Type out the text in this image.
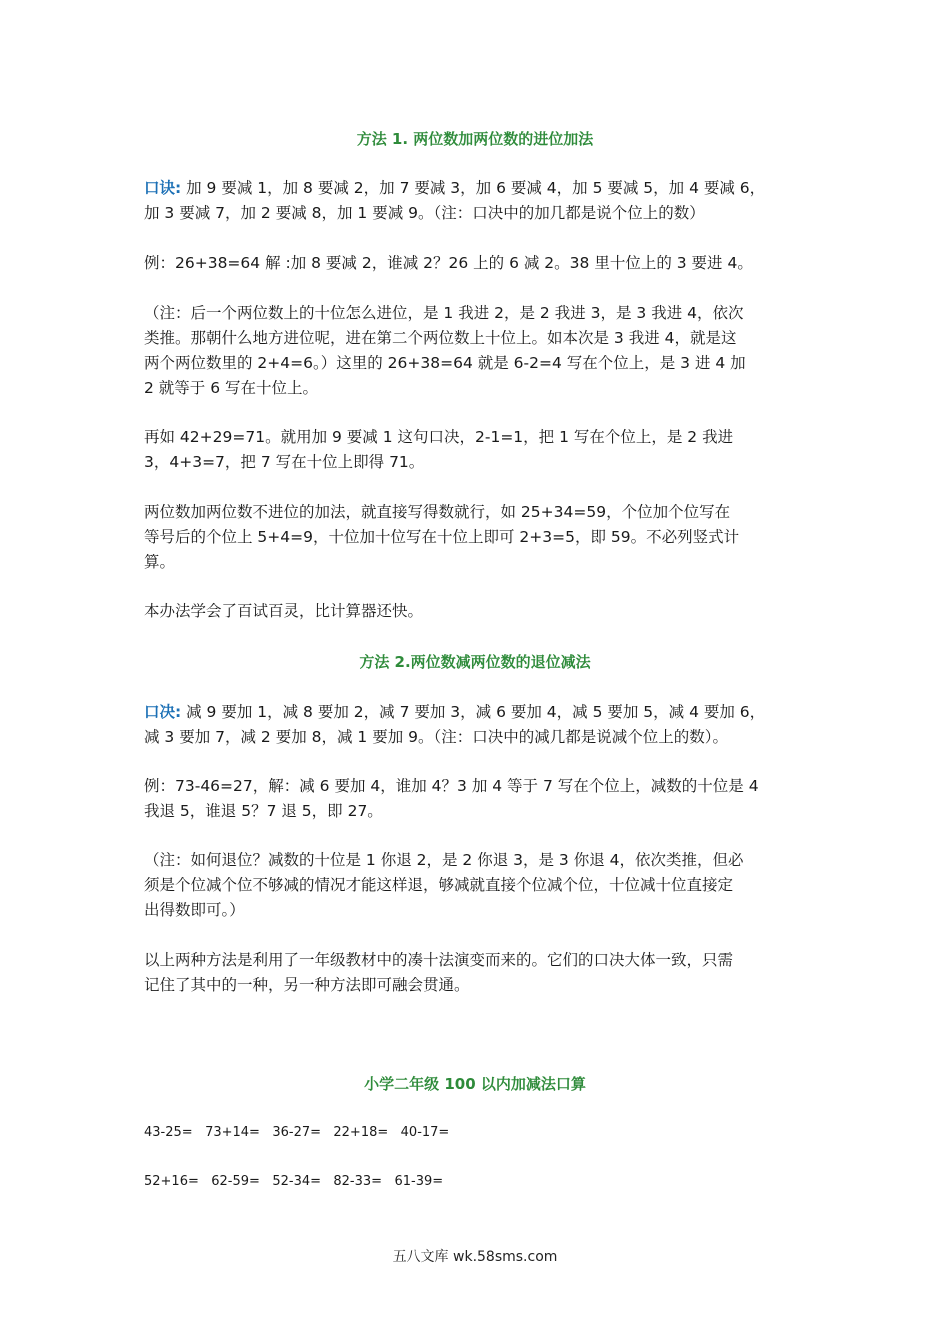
方法 1. 两位数加两位数的进位加法

口诀: 加 9 要减 1，加 8 要减 2，加 7 要减 3，加 6 要减 4，加 5 要减 5，加 4 要减 6，
加 3 要减 7，加 2 要减 8，加 1 要减 9。（注：口决中的加几都是说个位上的数）

例：26+38=64 解 :加 8 要减 2，谁减 2？26 上的 6 减 2。38 里十位上的 3 要进 4。

（注：后一个两位数上的十位怎么进位，是 1 我进 2，是 2 我进 3，是 3 我进 4，依次
类推。那朝什么地方进位呢，进在第二个两位数上十位上。如本次是 3 我进 4，就是这
两个两位数里的 2+4=6。）这里的 26+38=64 就是 6-2=4 写在个位上，是 3 进 4 加
2 就等于 6 写在十位上。

再如 42+29=71。就用加 9 要减 1 这句口决，2-1=1，把 1 写在个位上，是 2 我进
3，4+3=7，把 7 写在十位上即得 71。

两位数加两位数不进位的加法，就直接写得数就行，如 25+34=59，个位加个位写在
等号后的个位上 5+4=9，十位加十位写在十位上即可 2+3=5，即 59。不必列竖式计
算。

本办法学会了百试百灵，比计算器还快。

方法 2.两位数减两位数的退位减法

口决: 减 9 要加 1，减 8 要加 2，减 7 要加 3，减 6 要加 4，减 5 要加 5，减 4 要加 6，
减 3 要加 7，减 2 要加 8，减 1 要加 9。（注：口决中的减几都是说减个位上的数）。

例：73-46=27，解：减 6 要加 4，谁加 4？3 加 4 等于 7 写在个位上，减数的十位是 4
我退 5，谁退 5？7 退 5，即 27。

（注：如何退位？减数的十位是 1 你退 2，是 2 你退 3，是 3 你退 4，依次类推，但必
须是个位减个位不够减的情况才能这样退，够减就直接个位减个位，十位减十位直接定
出得数即可。）

以上两种方法是利用了一年级教材中的凑十法演变而来的。它们的口决大体一致，只需
记住了其中的一种，另一种方法即可融会贯通。

小学二年级 100 以内加减法口算
43-25=   73+14=   36-27=   22+18=   40-17=
52+16=   62-59=   52-34=   82-33=   61-39=
五八文库 wk.58sms.com
